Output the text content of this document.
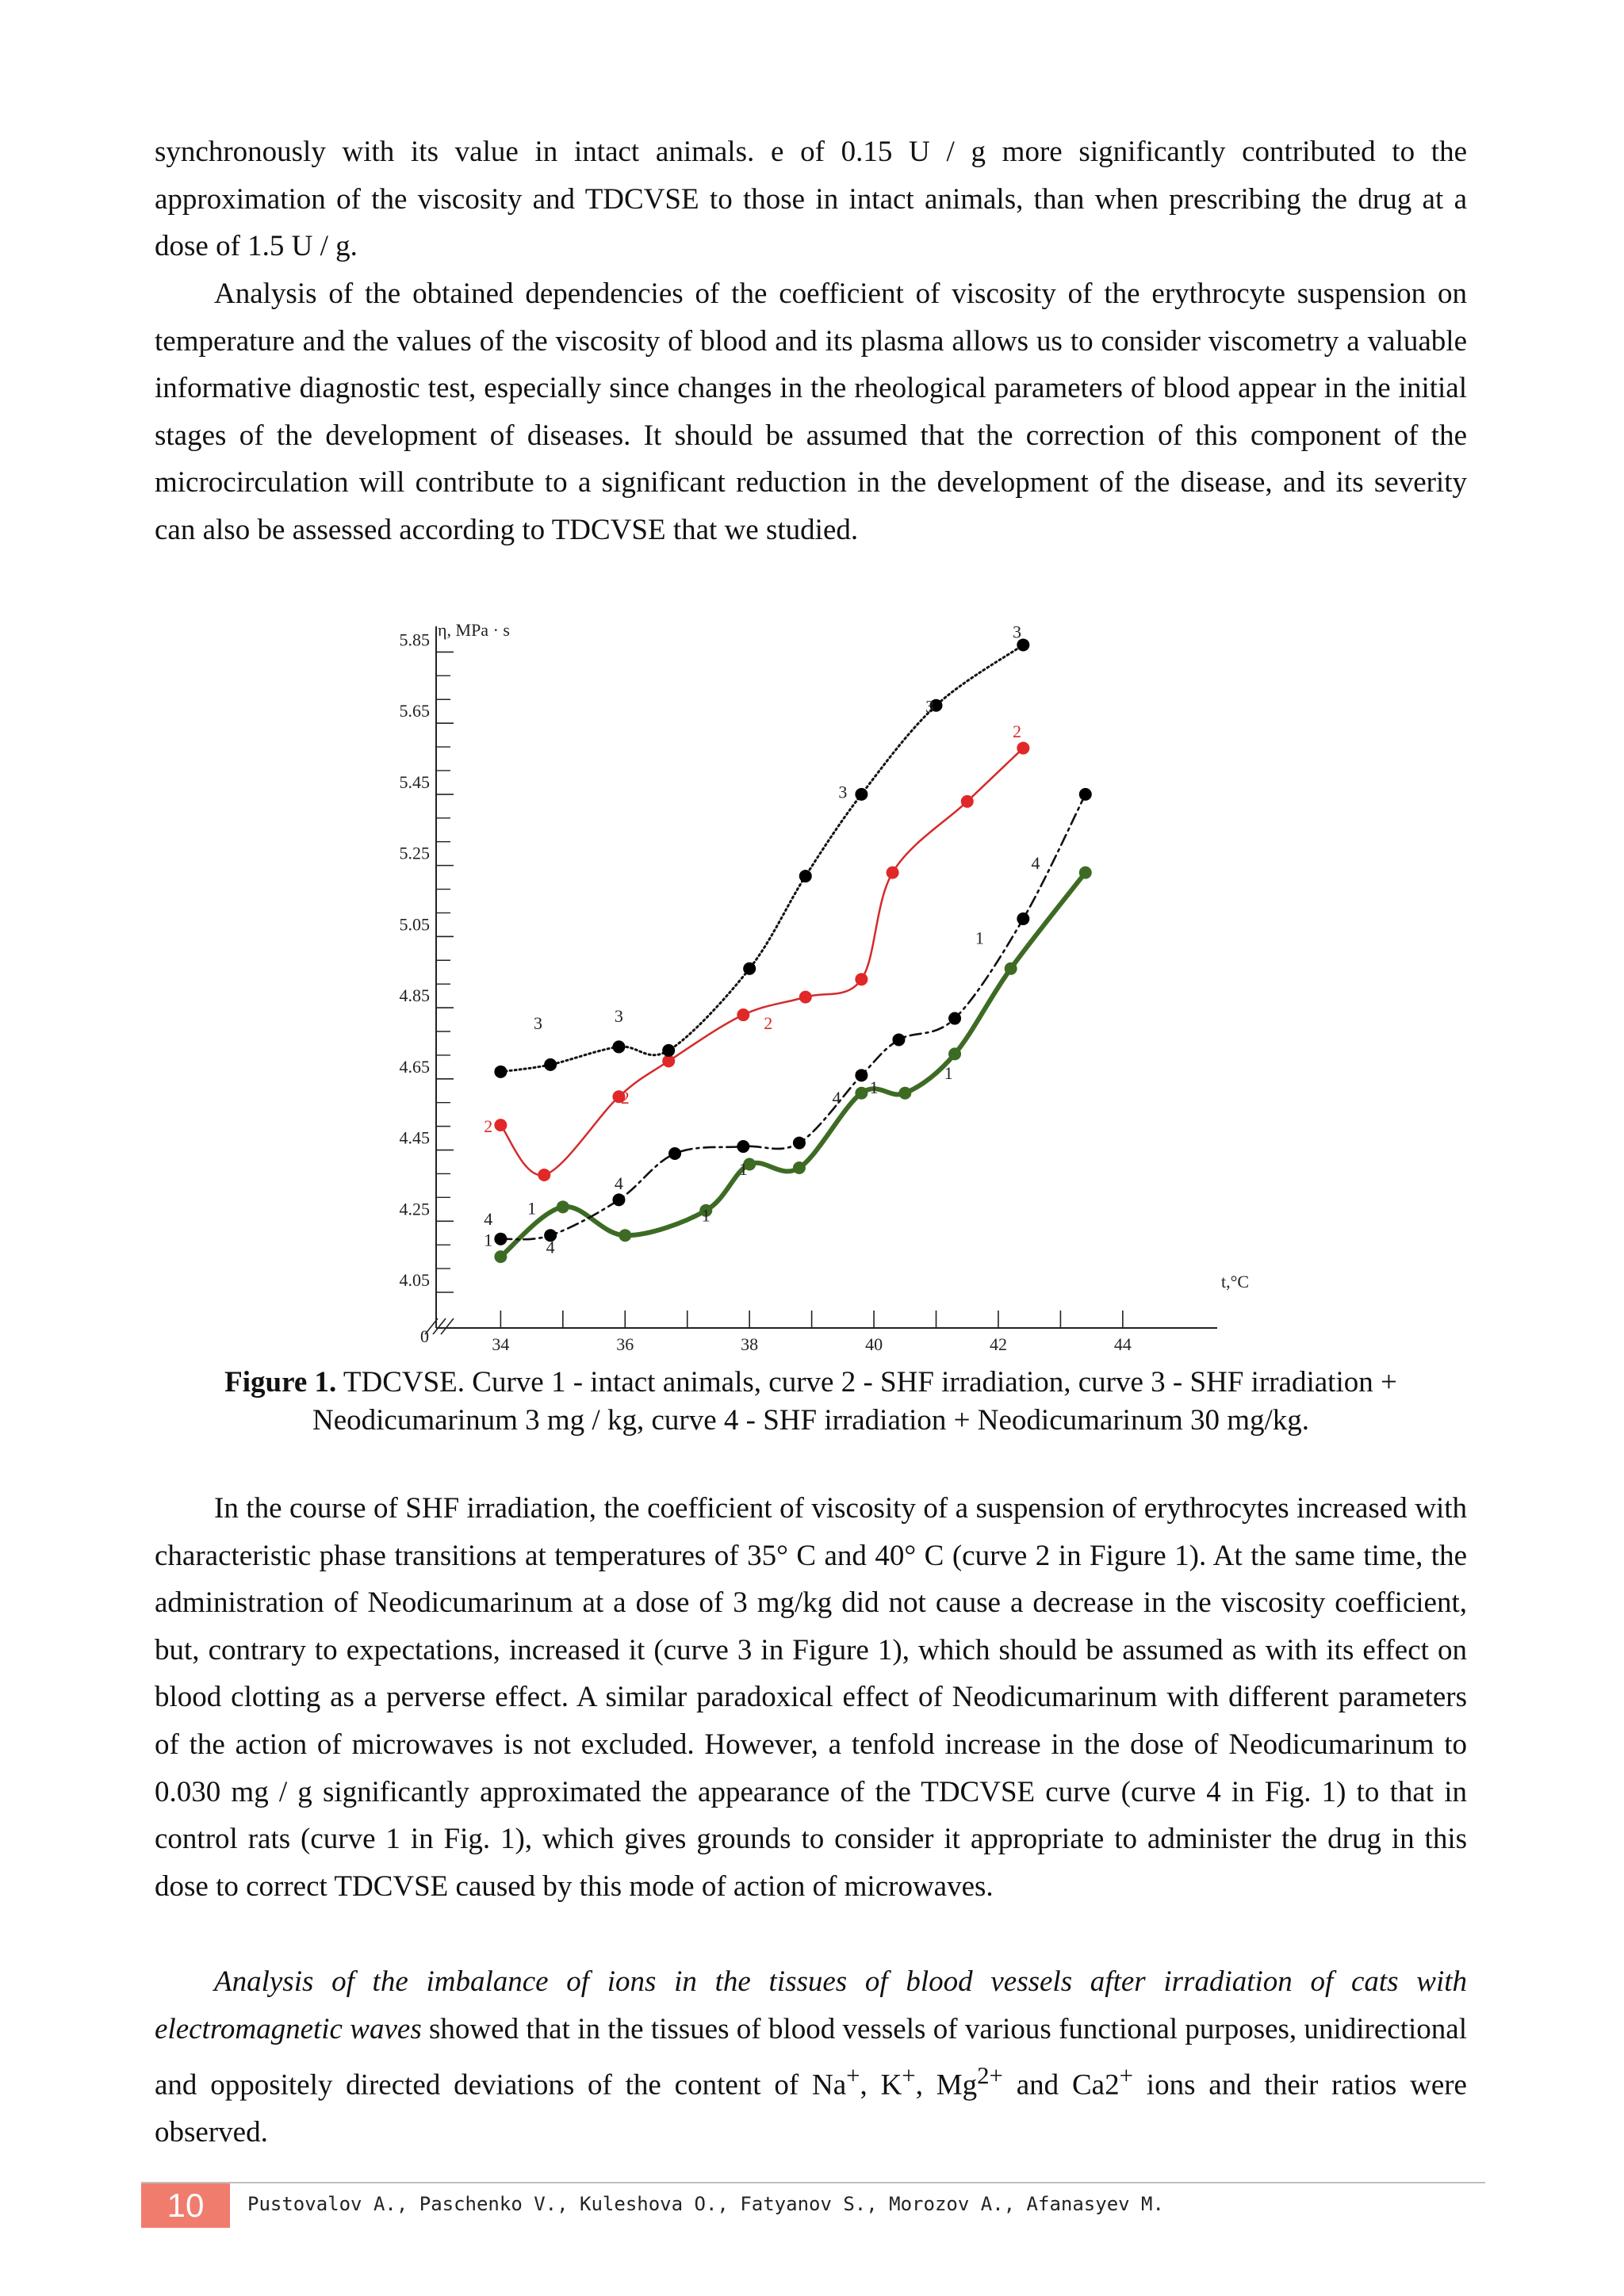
synchronously with its value in intact animals. e of 0.15 U / g more significantly contributed to the approximation of the viscosity and TDCVSE to those in intact animals, than when prescribing the drug at a dose of 1.5 U / g.

Analysis of the obtained dependencies of the coefficient of viscosity of the erythrocyte suspension on temperature and the values of the viscosity of blood and its plasma allows us to consider viscometry a valuable informative diagnostic test, especially since changes in the rheological parameters of blood appear in the initial stages of the development of diseases. It should be assumed that the correction of this component of the microcirculation will contribute to a significant reduction in the development of the disease, and its severity can also be assessed according to TDCVSE that we studied.

4.05
4.25
4.45
4.65
4.85
5.05
5.25
5.45
5.65
5.85 η, MPa · s
34	36	38	40	42	44
0
t,°C
1
1	1
1
1
1
1
2
2
2
2
3	3
3
3
3
4
4
4
4
4

Figure 1. TDCVSE. Curve 1 - intact animals, curve 2 - SHF irradiation, curve 3 - SHF irradiation + Neodicumarinum 3 mg / kg, curve 4 - SHF irradiation + Neodicumarinum 30 mg/kg.

In the course of SHF irradiation, the coefficient of viscosity of a suspension of erythrocytes increased with characteristic phase transitions at temperatures of 35° C and 40° C (curve 2 in Figure 1). At the same time, the administration of Neodicumarinum at a dose of 3 mg/kg did not cause a decrease in the viscosity coefficient, but, contrary to expectations, increased it (curve 3 in Figure 1), which should be assumed as with its effect on blood clotting as a perverse effect. A similar paradoxical effect of Neodicumarinum with different parameters of the action of microwaves is not excluded. However, a tenfold increase in the dose of Neodicumarinum to 0.030 mg / g significantly approximated the appearance of the TDCVSE curve (curve 4 in Fig. 1) to that in control rats (curve 1 in Fig. 1), which gives grounds to consider it appropriate to administer the drug in this dose to correct TDCVSE caused by this mode of action of microwaves.

Analysis of the imbalance of ions in the tissues of blood vessels after irradiation of cats with electromagnetic waves showed that in the tissues of blood vessels of various functional purposes, unidirectional and oppositely directed deviations of the content of Na+, K+, $Mg^{2+}$ and Ca2+ ions and their ratios were observed.

10	Pustovalov A., Paschenko V., Kuleshova O., Fatyanov S., Morozov A., Afanasyev M.
